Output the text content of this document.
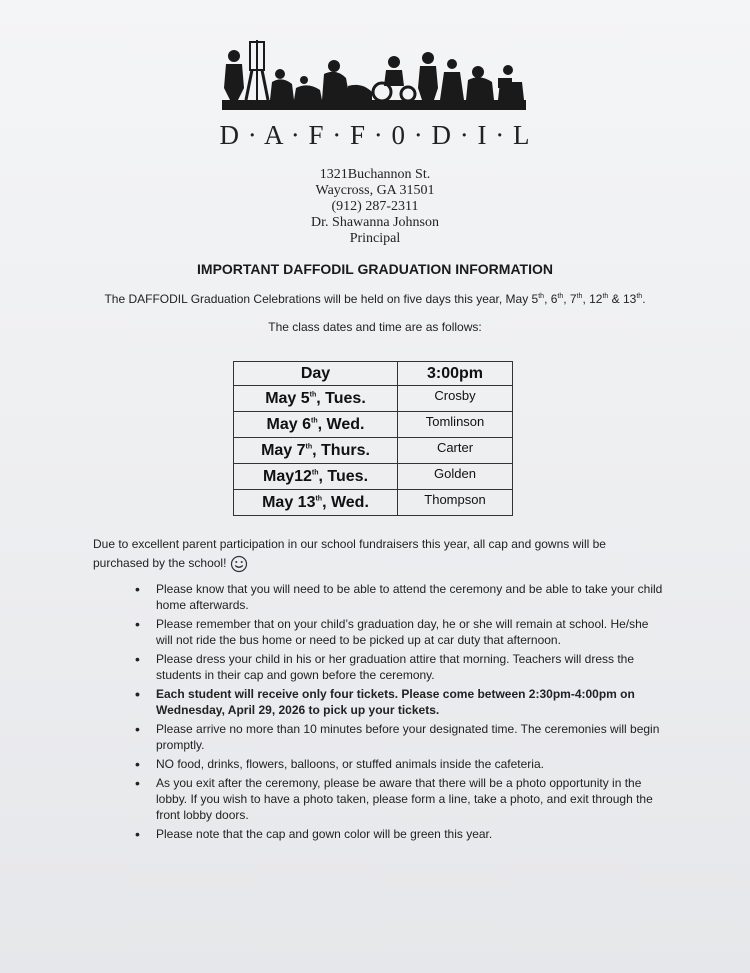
D · A · F · F · 0 · D · I · L
1321Buchannon St.
Waycross, GA 31501
(912) 287-2311
Dr. Shawanna Johnson
Principal
IMPORTANT DAFFODIL GRADUATION INFORMATION
The DAFFODIL Graduation Celebrations will be held on five days this year, May 5th, 6th, 7th, 12th & 13th.
The class dates and time are as follows:
Day	3:00pm
May 5th, Tues.	Crosby
May 6th, Wed.	Tomlinson
May 7th, Thurs.	Carter
May12th, Tues.	Golden
May 13th, Wed.	Thompson
Due to excellent parent participation in our school fundraisers this year, all cap and gowns will be purchased by the school!
• Please know that you will need to be able to attend the ceremony and be able to take your child home afterwards.
• Please remember that on your child’s graduation day, he or she will remain at school. He/she will not ride the bus home or need to be picked up at car duty that afternoon.
• Please dress your child in his or her graduation attire that morning. Teachers will dress the students in their cap and gown before the ceremony.
• Each student will receive only four tickets. Please come between 2:30pm-4:00pm on Wednesday, April 29, 2026 to pick up your tickets.
• Please arrive no more than 10 minutes before your designated time. The ceremonies will begin promptly.
• NO food, drinks, flowers, balloons, or stuffed animals inside the cafeteria.
• As you exit after the ceremony, please be aware that there will be a photo opportunity in the lobby. If you wish to have a photo taken, please form a line, take a photo, and exit through the front lobby doors.
• Please note that the cap and gown color will be green this year.
